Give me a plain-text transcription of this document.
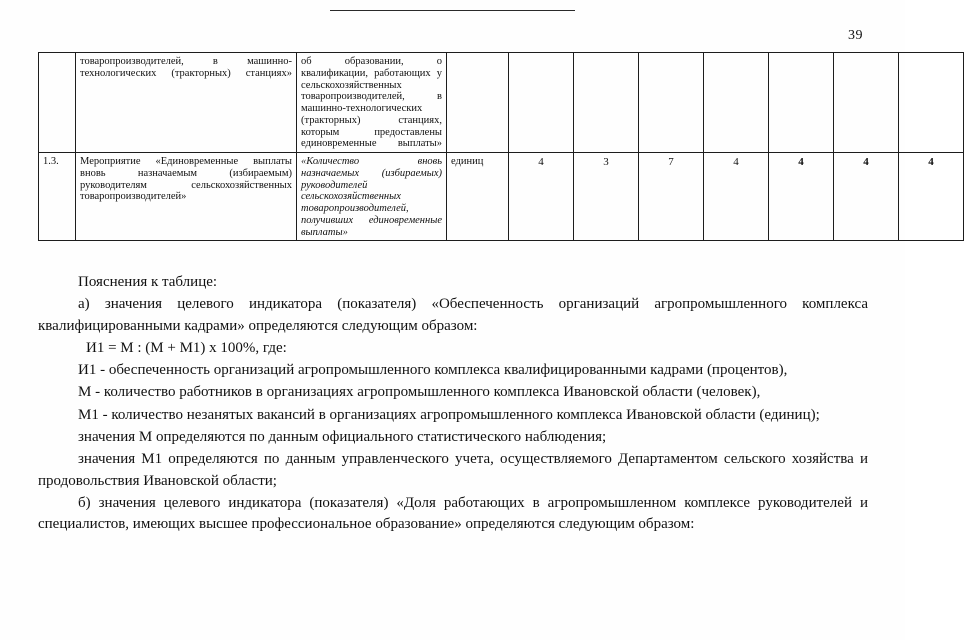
39
	товаропроизводителей, в машинно-технологических (тракторных) станциях»	об образовании, о квалификации, работающих у сельскохозяйственных товаропроизводителей, в машинно-технологических (тракторных) станциях, которым предоставлены единовременные выплаты»								
1.3.	Мероприятие «Единовременные выплаты вновь назначаемым (избираемым) руководителям сельскохозяйственных товаропроизводителей»	«Количество вновь назначаемых (избираемых) руководителей сельскохозяйственных товаропроизводителей, получивших единовременные выплаты»	единиц	4	3	7	4	4	4	4

Пояснения к таблице:

а) значения целевого индикатора (показателя) «Обеспеченность организаций агропромышленного комплекса квалифицированными кадрами» определяются следующим образом:

И1 = М : (М + М1) х 100%, где:

И1 - обеспеченность организаций агропромышленного комплекса квалифицированными кадрами (процентов),

М - количество работников в организациях агропромышленного комплекса Ивановской области (человек),

М1 - количество незанятых вакансий в организациях агропромышленного комплекса Ивановской области (единиц);

значения М определяются по данным официального статистического наблюдения;

значения М1 определяются по данным управленческого учета, осуществляемого Департаментом сельского хозяйства и продовольствия Ивановской области;

б) значения целевого индикатора (показателя) «Доля работающих в агропромышленном комплексе руководителей и специалистов, имеющих высшее профессиональное образование» определяются следующим образом:
